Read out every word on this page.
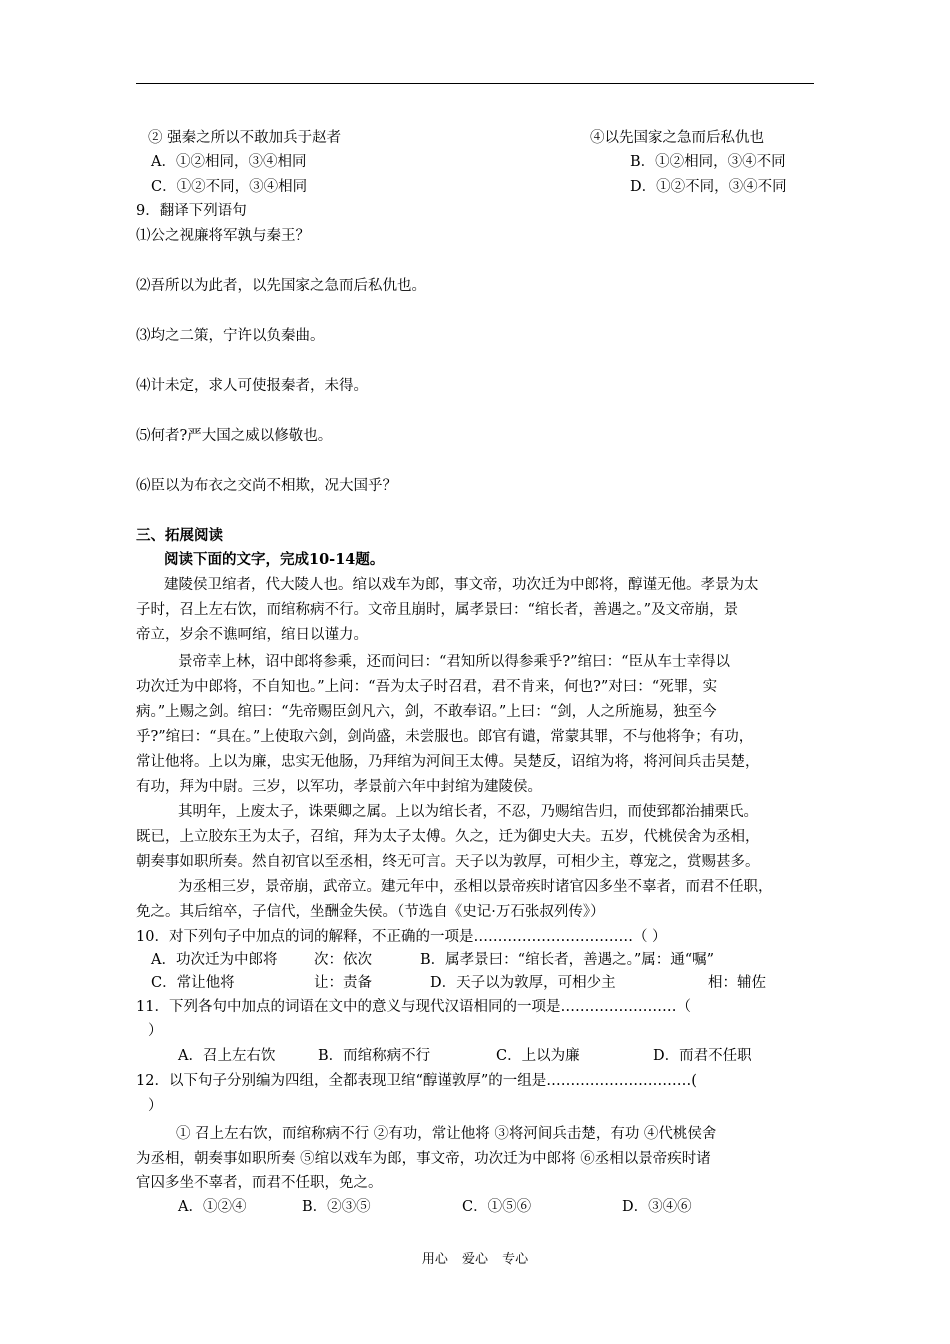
② 强秦之所以不敢加兵于赵者	④以先国家之急而后私仇也
A．①②相同，③④相同	B．①②相同，③④不同
C．①②不同，③④相同	D．①②不同，③④不同
9．翻译下列语句
⑴公之视廉将军孰与秦王？
⑵吾所以为此者，以先国家之急而后私仇也。
⑶均之二策，宁许以负秦曲。
⑷计未定，求人可使报秦者，未得。
⑸何者?严大国之威以修敬也。
⑹臣以为布衣之交尚不相欺，况大国乎？
三、拓展阅读
阅读下面的文字，完成10-14题。
建陵侯卫绾者，代大陵人也。绾以戏车为郎，事文帝，功次迁为中郎将，醇谨无他。孝景为太
子时，召上左右饮，而绾称病不行。文帝且崩时，属孝景曰：“绾长者，善遇之。”及文帝崩，景
帝立，岁余不谯呵绾，绾日以谨力。
景帝幸上林，诏中郎将参乘，还而问曰：“君知所以得参乘乎?”绾曰：“臣从车士幸得以
功次迁为中郎将，不自知也。”上问：“吾为太子时召君，君不肯来，何也?”对曰：“死罪，实
病。”上赐之剑。绾曰：“先帝赐臣剑凡六，剑，不敢奉诏。”上曰：“剑，人之所施易，独至今
乎?”绾曰：“具在。”上使取六剑，剑尚盛，未尝服也。郎官有谴，常蒙其罪，不与他将争；有功，
常让他将。上以为廉，忠实无他肠，乃拜绾为河间王太傅。吴楚反，诏绾为将，将河间兵击吴楚，
有功，拜为中尉。三岁，以军功，孝景前六年中封绾为建陵侯。
其明年，上废太子，诛栗卿之属。上以为绾长者，不忍，乃赐绾告归，而使郅都治捕栗氏。
既已，上立胶东王为太子，召绾，拜为太子太傅。久之，迁为御史大夫。五岁，代桃侯舍为丞相，
朝奏事如职所奏。然自初官以至丞相，终无可言。天子以为敦厚，可相少主，尊宠之，赏赐甚多。
为丞相三岁，景帝崩，武帝立。建元年中，丞相以景帝疾时诸官囚多坐不辜者，而君不任职，
免之。其后绾卒，子信代，坐酬金失侯。（节选自《史记·万石张叔列传》）
10．对下列句子中加点的词的解释，不正确的一项是……………………………（ ）
A．功次迁为中郎将	次：依次	B．属孝景曰：“绾长者，善遇之。”属：通“嘱”
C．常让他将	让：责备	D．天子以为敦厚，可相少主	相：辅佐
11．下列各句中加点的词语在文中的意义与现代汉语相同的一项是……………………（
）
A．召上左右饮	B．而绾称病不行	C．上以为廉	D．而君不任职
12．以下句子分别编为四组，全都表现卫绾“醇谨敦厚”的一组是…………………………(
）
① 召上左右饮，而绾称病不行 ②有功，常让他将 ③将河间兵击楚，有功 ④代桃侯舍
为丞相，朝奏事如职所奏 ⑤绾以戏车为郎，事文帝，功次迁为中郎将 ⑥丞相以景帝疾时诸
官囚多坐不辜者，而君不任职，免之。
A．①②④	B．②③⑤	C．①⑤⑥	D．③④⑥
用心 爱心 专心
